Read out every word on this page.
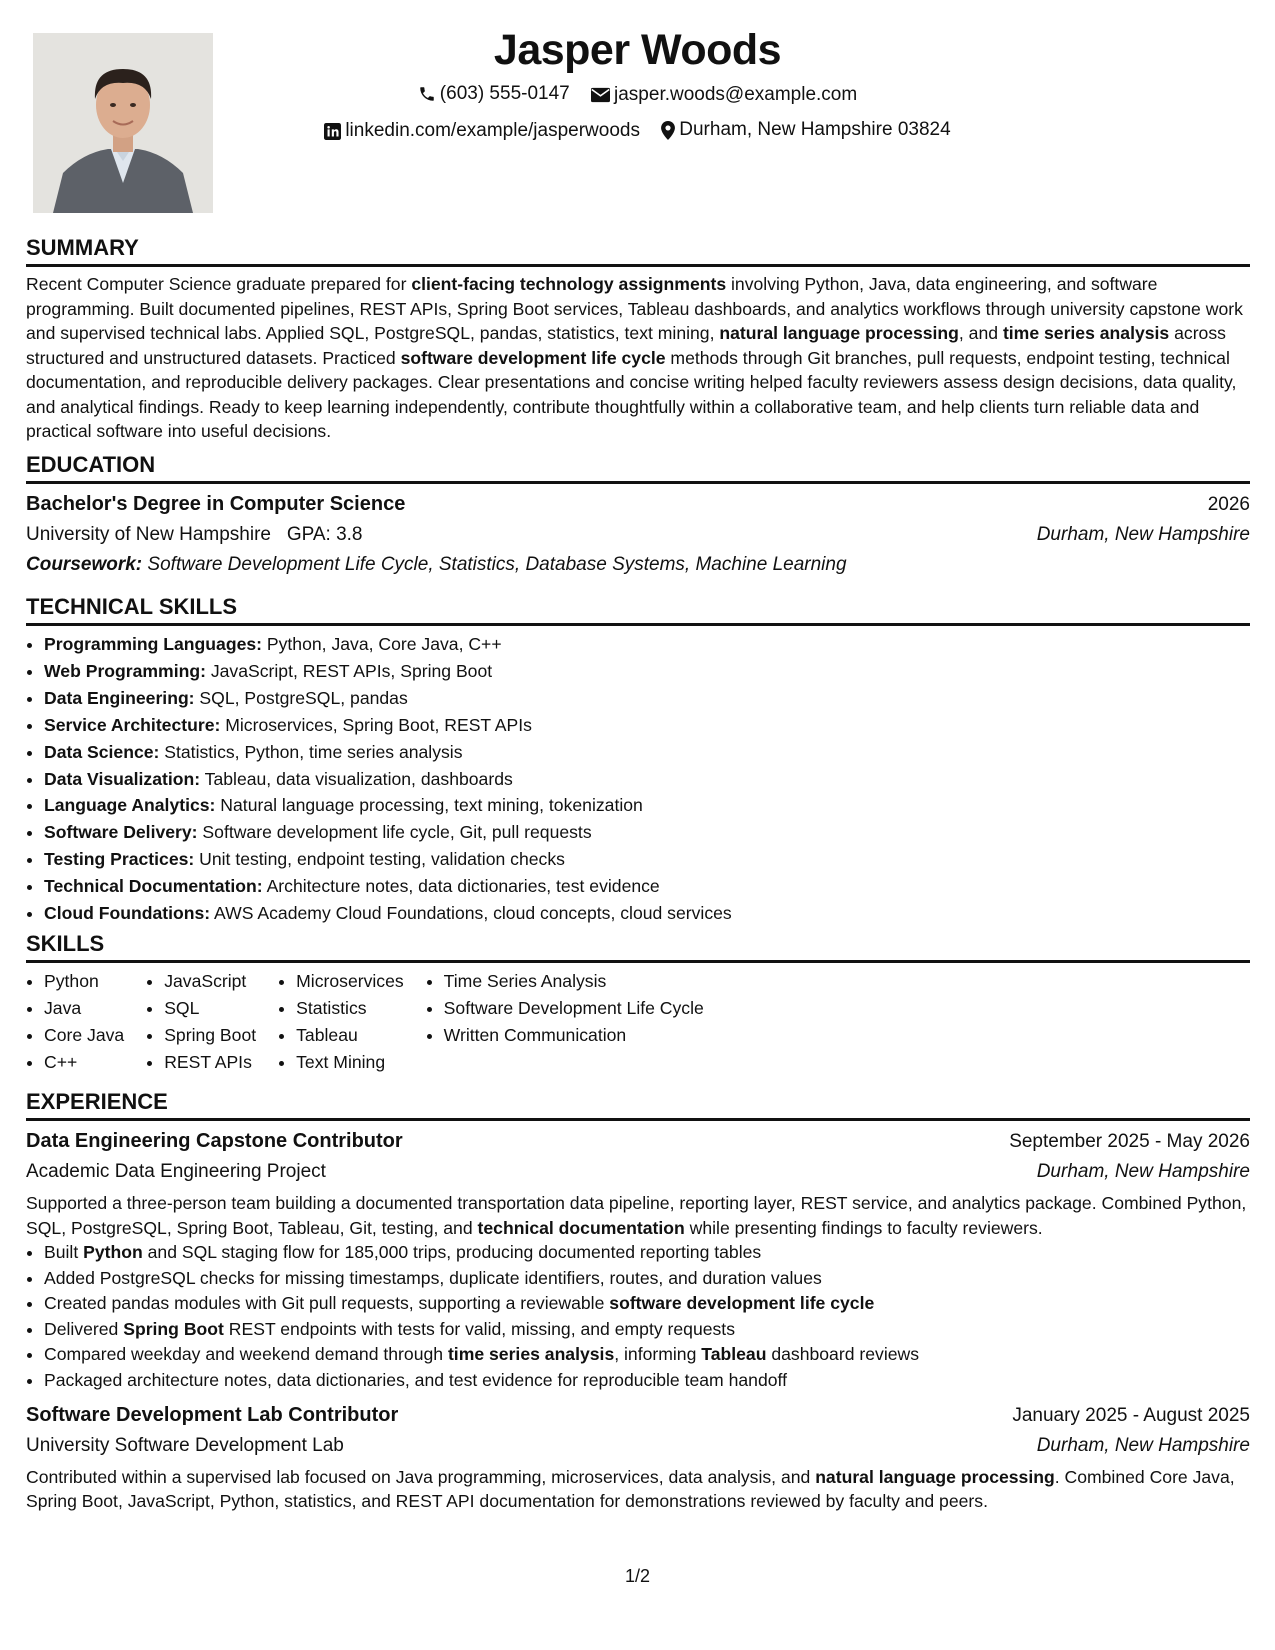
Jasper Woods
(603) 555-0147
jasper.woods@example.com
linkedin.com/example/jasperwoods
Durham, New Hampshire 03824
SUMMARY

Recent Computer Science graduate prepared for client-facing technology assignments involving Python, Java, data engineering, and software programming. Built documented pipelines, REST APIs, Spring Boot services, Tableau dashboards, and analytics workflows through university capstone work and supervised technical labs. Applied SQL, PostgreSQL, pandas, statistics, text mining, natural language processing, and time series analysis across structured and unstructured datasets. Practiced software development life cycle methods through Git branches, pull requests, endpoint testing, technical documentation, and reproducible delivery packages. Clear presentations and concise writing helped faculty reviewers assess design decisions, data quality, and analytical findings. Ready to keep learning independently, contribute thoughtfully within a collaborative team, and help clients turn reliable data and practical software into useful decisions.

EDUCATION
Bachelor's Degree in Computer Science	2026
University of New Hampshire GPA: 3.8	Durham, New Hampshire
Coursework: Software Development Life Cycle, Statistics, Database Systems, Machine Learning
TECHNICAL SKILLS
• Programming Languages: Python, Java, Core Java, C++
• Web Programming: JavaScript, REST APIs, Spring Boot
• Data Engineering: SQL, PostgreSQL, pandas
• Service Architecture: Microservices, Spring Boot, REST APIs
• Data Science: Statistics, Python, time series analysis
• Data Visualization: Tableau, data visualization, dashboards
• Language Analytics: Natural language processing, text mining, tokenization
• Software Delivery: Software development life cycle, Git, pull requests
• Testing Practices: Unit testing, endpoint testing, validation checks
• Technical Documentation: Architecture notes, data dictionaries, test evidence
• Cloud Foundations: AWS Academy Cloud Foundations, cloud concepts, cloud services
SKILLS
• Python
• Java
• Core Java
• C++
• JavaScript
• SQL
• Spring Boot
• REST APIs
• Microservices
• Statistics
• Tableau
• Text Mining
• Time Series Analysis
• Software Development Life Cycle
• Written Communication
EXPERIENCE
Data Engineering Capstone Contributor	September 2025 - May 2026
Academic Data Engineering Project	Durham, New Hampshire

Supported a three-person team building a documented transportation data pipeline, reporting layer, REST service, and analytics package. Combined Python, SQL, PostgreSQL, Spring Boot, Tableau, Git, testing, and technical documentation while presenting findings to faculty reviewers.

• Built Python and SQL staging flow for 185,000 trips, producing documented reporting tables
• Added PostgreSQL checks for missing timestamps, duplicate identifiers, routes, and duration values
• Created pandas modules with Git pull requests, supporting a reviewable software development life cycle
• Delivered Spring Boot REST endpoints with tests for valid, missing, and empty requests
• Compared weekday and weekend demand through time series analysis, informing Tableau dashboard reviews
• Packaged architecture notes, data dictionaries, and test evidence for reproducible team handoff
Software Development Lab Contributor	January 2025 - August 2025
University Software Development Lab	Durham, New Hampshire

Contributed within a supervised lab focused on Java programming, microservices, data analysis, and natural language processing. Combined Core Java, Spring Boot, JavaScript, Python, statistics, and REST API documentation for demonstrations reviewed by faculty and peers.

1/2
